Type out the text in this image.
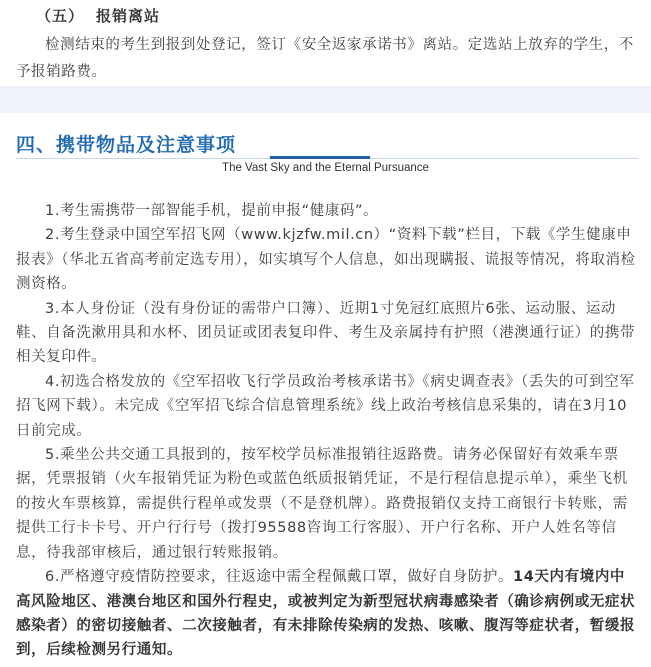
（五） 报销离站
检测结束的考生到报到处登记，签订《安全返家承诺书》离站。定选站上放弃的学生，不予报销路费。
四、携带物品及注意事项
The Vast Sky and the Eternal Pursuance

1.考生需携带一部智能手机，提前申报“健康码”。

2.考生登录中国空军招飞网（www.kjzfw.mil.cn）“资料下载”栏目，下载《学生健康申报表》（华北五省高考前定选专用），如实填写个人信息，如出现瞒报、谎报等情况，将取消检测资格。

3.本人身份证（没有身份证的需带户口簿）、近期1寸免冠红底照片6张、运动服、运动鞋、自备洗漱用具和水杯、团员证或团表复印件、考生及亲属持有护照（港澳通行证）的携带相关复印件。

4.初选合格发放的《空军招收飞行学员政治考核承诺书》《病史调查表》（丢失的可到空军招飞网下载）。未完成《空军招飞综合信息管理系统》线上政治考核信息采集的，请在3月10日前完成。

5.乘坐公共交通工具报到的，按军校学员标准报销往返路费。请务必保留好有效乘车票据，凭票报销（火车报销凭证为粉色或蓝色纸质报销凭证，不是行程信息提示单），乘坐飞机的按火车票核算，需提供行程单或发票（不是登机牌）。路费报销仅支持工商银行卡转账，需提供工行卡卡号、开户行行号（拨打95588咨询工行客服）、开户行名称、开户人姓名等信息，待我部审核后，通过银行转账报销。

6.严格遵守疫情防控要求，往返途中需全程佩戴口罩，做好自身防护。14天内有境内中高风险地区、港澳台地区和国外行程史，或被判定为新型冠状病毒感染者（确诊病例或无症状感染者）的密切接触者、二次接触者，有未排除传染病的发热、咳嗽、腹泻等症状者，暂缓报到，后续检测另行通知。
